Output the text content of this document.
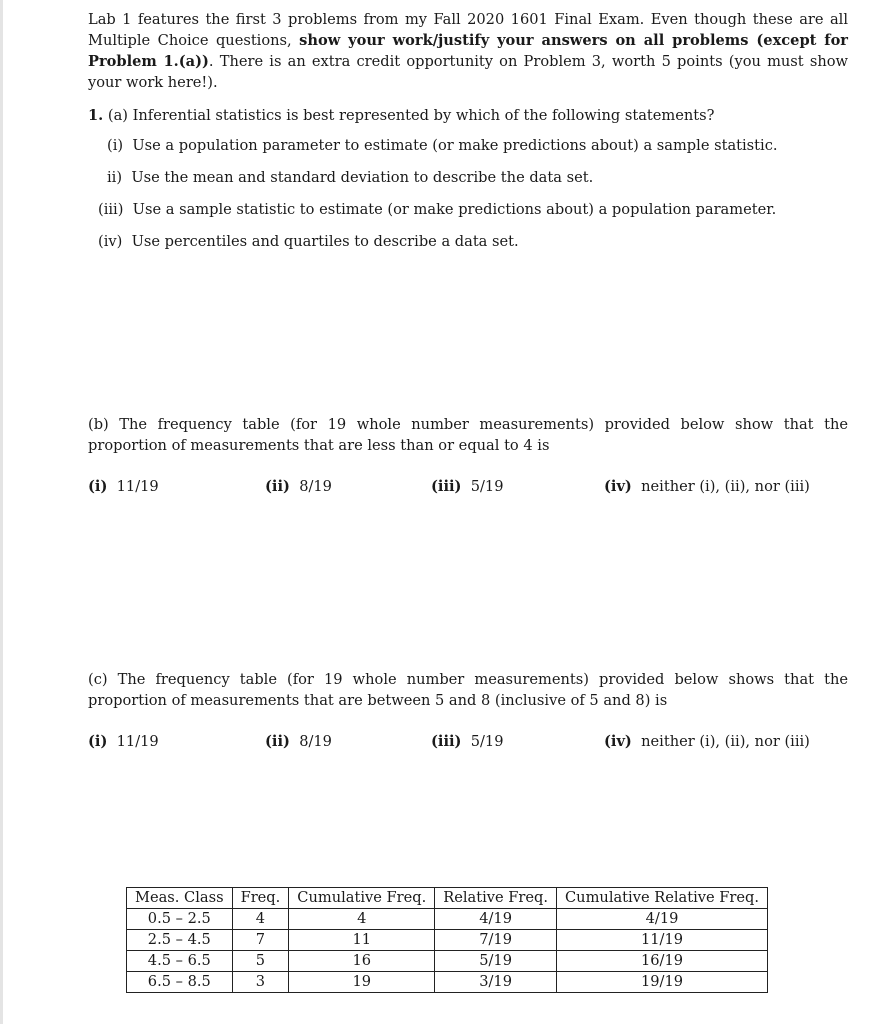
Lab 1 features the first 3 problems from my Fall 2020 1601 Final Exam. Even though these are all Multiple Choice questions, show your work/justify your answers on all problems (except for Problem 1.(a)). There is an extra credit opportunity on Problem 3, worth 5 points (you must show your work here!).

1. (a) Inferential statistics is best represented by which of the following statements?

(i) Use a population parameter to estimate (or make predictions about) a sample statistic.
ii) Use the mean and standard deviation to describe the data set.
(iii) Use a sample statistic to estimate (or make predictions about) a population parameter.
(iv) Use percentiles and quartiles to describe a data set.

(b) The frequency table (for 19 whole number measurements) provided below show that the proportion of measurements that are less than or equal to 4 is

(i) 11/19	(ii) 8/19	(iii) 5/19	(iv) neither (i), (ii), nor (iii)

(c) The frequency table (for 19 whole number measurements) provided below shows that the proportion of measurements that are between 5 and 8 (inclusive of 5 and 8) is

(i) 11/19	(ii) 8/19	(iii) 5/19	(iv) neither (i), (ii), nor (iii)
Meas. Class	Freq.	Cumulative Freq.	Relative Freq.	Cumulative Relative Freq.
0.5 – 2.5	4	4	4/19	4/19
2.5 – 4.5	7	11	7/19	11/19
4.5 – 6.5	5	16	5/19	16/19
6.5 – 8.5	3	19	3/19	19/19
